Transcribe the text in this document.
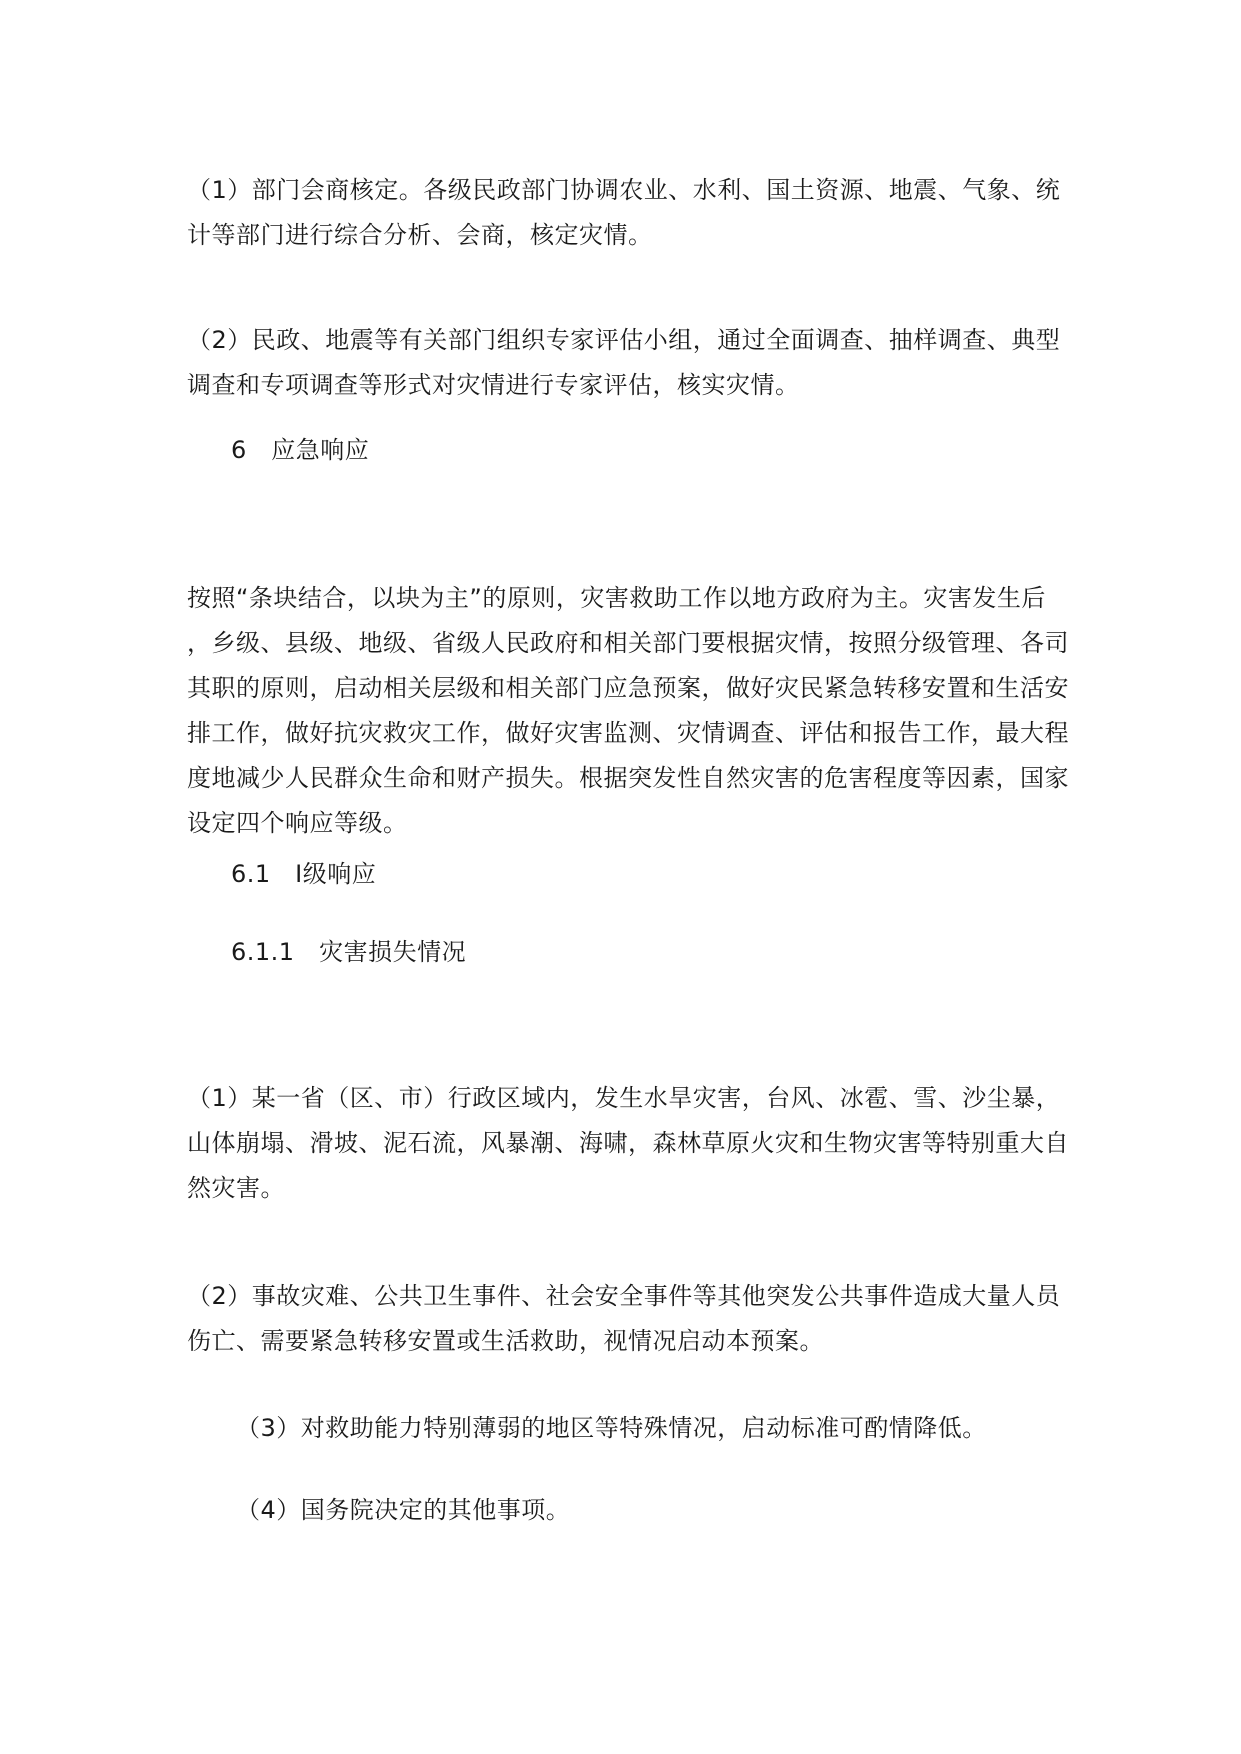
（1）部门会商核定。各级民政部门协调农业、水利、国土资源、地震、气象、统
计等部门进行综合分析、会商，核定灾情。
（2）民政、地震等有关部门组织专家评估小组，通过全面调查、抽样调查、典型
调查和专项调查等形式对灾情进行专家评估，核实灾情。
6　应急响应
按照“条块结合，以块为主”的原则，灾害救助工作以地方政府为主。灾害发生后
，乡级、县级、地级、省级人民政府和相关部门要根据灾情，按照分级管理、各司
其职的原则，启动相关层级和相关部门应急预案，做好灾民紧急转移安置和生活安
排工作，做好抗灾救灾工作，做好灾害监测、灾情调查、评估和报告工作，最大程
度地减少人民群众生命和财产损失。根据突发性自然灾害的危害程度等因素，国家
设定四个响应等级。
6.1　Ⅰ级响应
6.1.1　灾害损失情况
（1）某一省（区、市）行政区域内，发生水旱灾害，台风、冰雹、雪、沙尘暴，
山体崩塌、滑坡、泥石流，风暴潮、海啸，森林草原火灾和生物灾害等特别重大自
然灾害。
（2）事故灾难、公共卫生事件、社会安全事件等其他突发公共事件造成大量人员
伤亡、需要紧急转移安置或生活救助，视情况启动本预案。
（3）对救助能力特别薄弱的地区等特殊情况，启动标准可酌情降低。
（4）国务院决定的其他事项。
